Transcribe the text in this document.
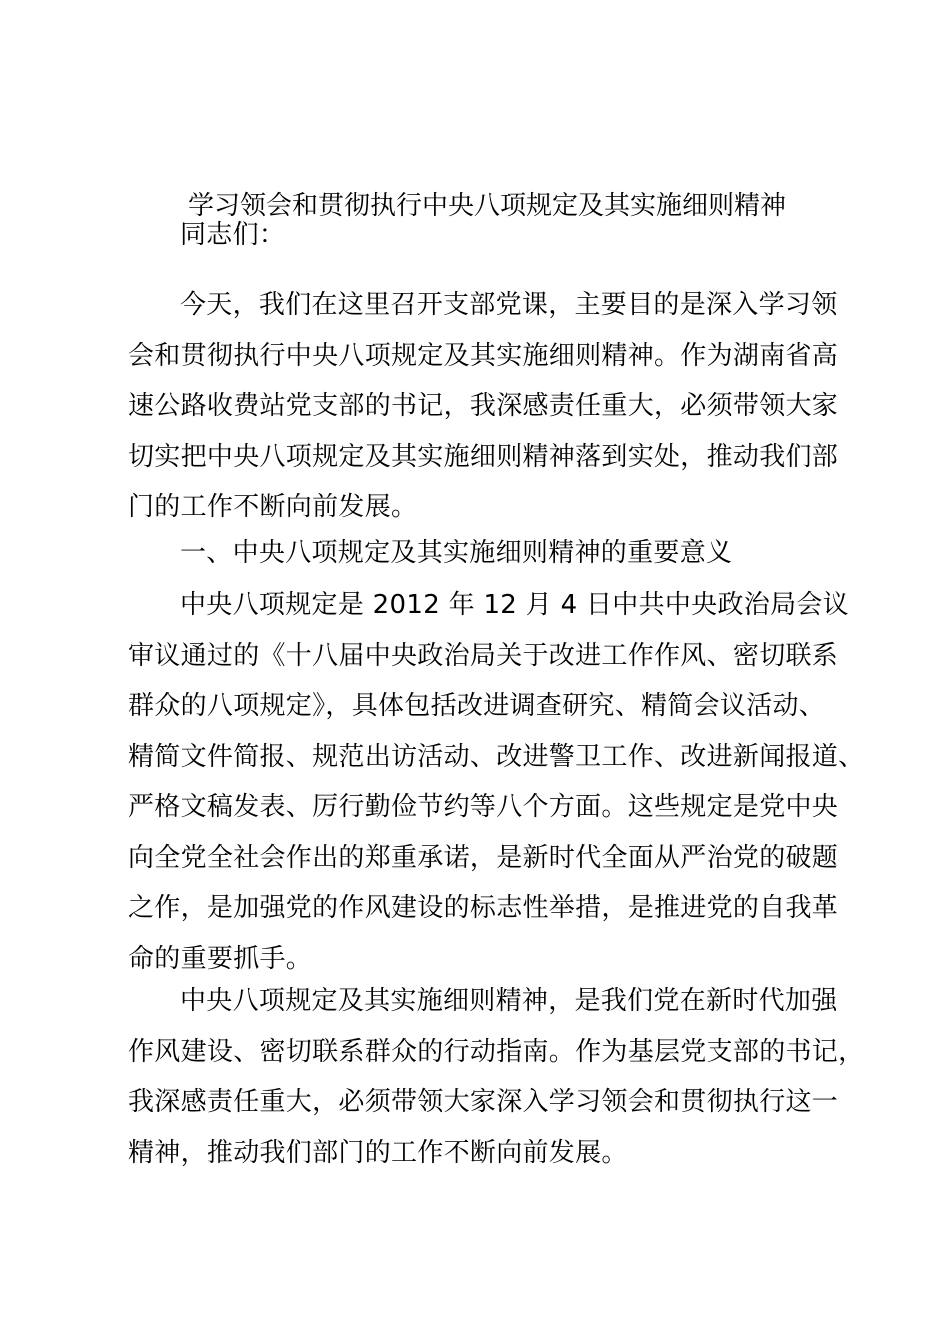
学习领会和贯彻执行中央八项规定及其实施细则精神
同志们：
今天，我们在这里召开支部党课，主要目的是深入学习领
会和贯彻执行中央八项规定及其实施细则精神。作为湖南省高
速公路收费站党支部的书记，我深感责任重大，必须带领大家
切实把中央八项规定及其实施细则精神落到实处，推动我们部
门的工作不断向前发展。
一、中央八项规定及其实施细则精神的重要意义
中央八项规定是 2012 年 12 月 4 日中共中央政治局会议
审议通过的《十八届中央政治局关于改进工作作风、密切联系
群众的八项规定》，具体包括改进调查研究、精简会议活动、
精简文件简报、规范出访活动、改进警卫工作、改进新闻报道、
严格文稿发表、厉行勤俭节约等八个方面。这些规定是党中央
向全党全社会作出的郑重承诺，是新时代全面从严治党的破题
之作，是加强党的作风建设的标志性举措，是推进党的自我革
命的重要抓手。
中央八项规定及其实施细则精神，是我们党在新时代加强
作风建设、密切联系群众的行动指南。作为基层党支部的书记，
我深感责任重大，必须带领大家深入学习领会和贯彻执行这一
精神，推动我们部门的工作不断向前发展。
